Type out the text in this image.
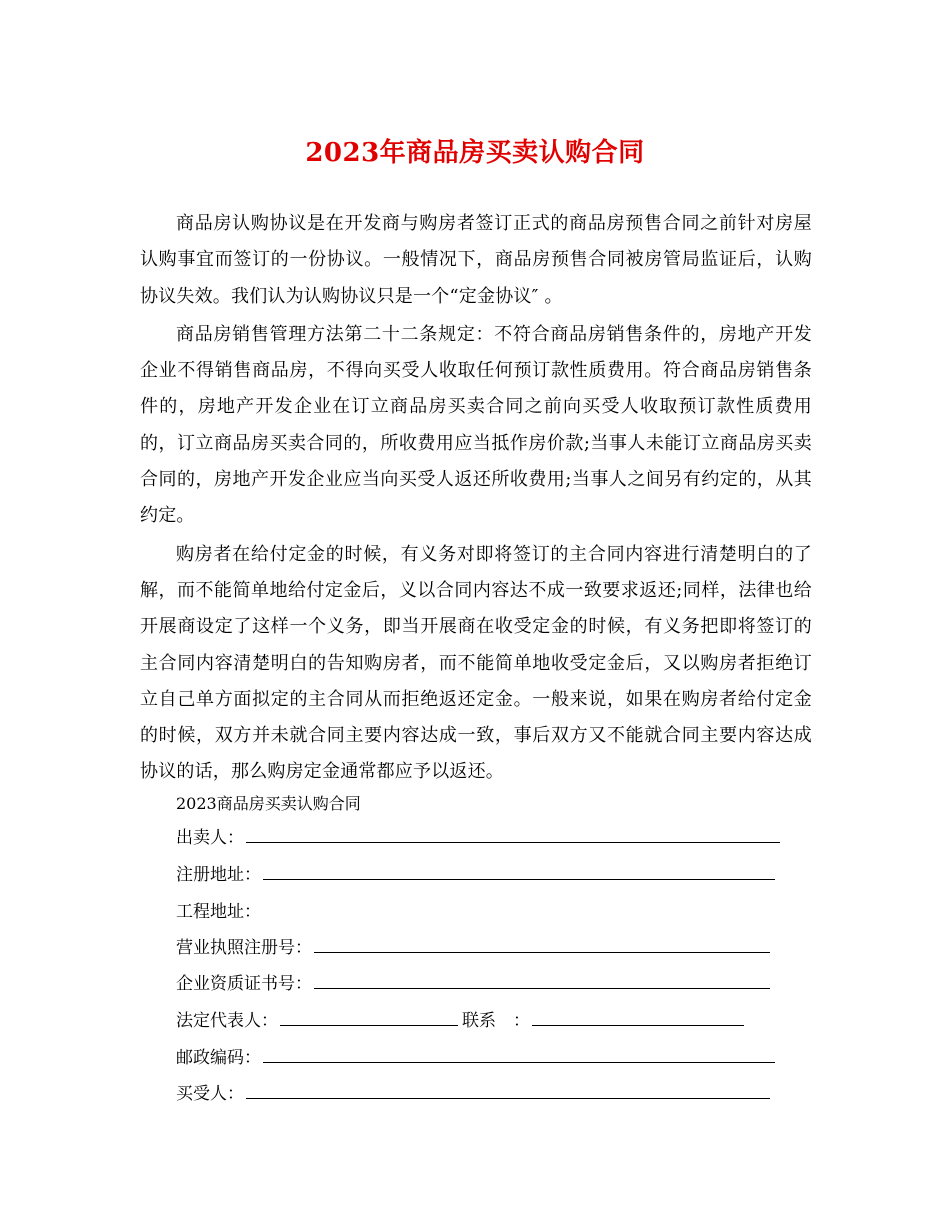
2023年商品房买卖认购合同

商品房认购协议是在开发商与购房者签订正式的商品房预售合同之前针对房屋认购事宜而签订的一份协议。一般情况下，商品房预售合同被房管局监证后，认购协议失效。我们认为认购协议只是一个“定金协议″ 。

商品房销售管理方法第二十二条规定：不符合商品房销售条件的，房地产开发企业不得销售商品房，不得向买受人收取任何预订款性质费用。符合商品房销售条件的，房地产开发企业在订立商品房买卖合同之前向买受人收取预订款性质费用的，订立商品房买卖合同的，所收费用应当抵作房价款;当事人未能订立商品房买卖合同的，房地产开发企业应当向买受人返还所收费用;当事人之间另有约定的，从其约定。

购房者在给付定金的时候，有义务对即将签订的主合同内容进行清楚明白的了解，而不能简单地给付定金后，义以合同内容达不成一致要求返还;同样，法律也给开展商设定了这样一个义务，即当开展商在收受定金的时候，有义务把即将签订的主合同内容清楚明白的告知购房者，而不能简单地收受定金后，又以购房者拒绝订立自己单方面拟定的主合同从而拒绝返还定金。一般来说，如果在购房者给付定金的时候，双方并未就合同主要内容达成一致，事后双方又不能就合同主要内容达成协议的话，那么购房定金通常都应予以返还。

2023商品房买卖认购合同
出卖人：
注册地址：
工程地址：
营业执照注册号：
企业资质证书号：
法定代表人：	联系　：
邮政编码：
买受人：
